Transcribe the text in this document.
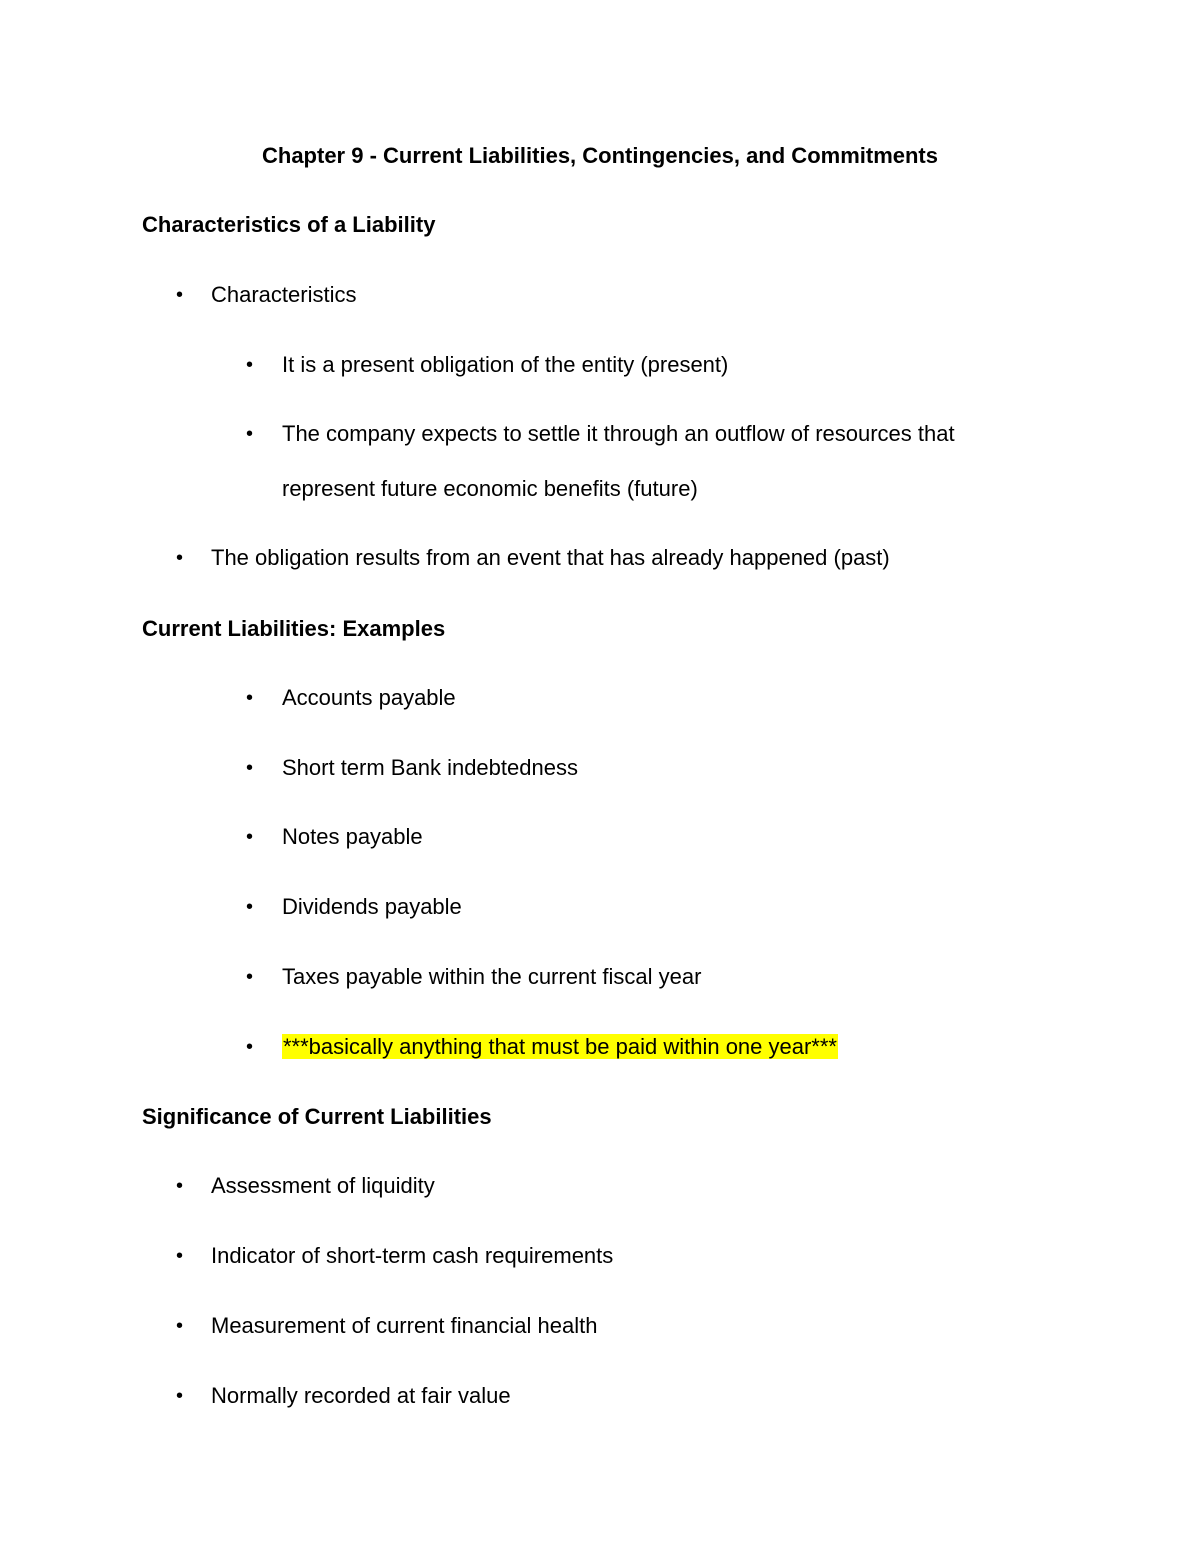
Chapter 9 - Current Liabilities, Contingencies, and Commitments
Characteristics of a Liability
• Characteristics
• It is a present obligation of the entity (present)
• The company expects to settle it through an outflow of resources that
represent future economic benefits (future)
• The obligation results from an event that has already happened (past)
Current Liabilities: Examples
• Accounts payable
• Short term Bank indebtedness
• Notes payable
• Dividends payable
• Taxes payable within the current fiscal year
• ***basically anything that must be paid within one year***
Significance of Current Liabilities
• Assessment of liquidity
• Indicator of short-term cash requirements
• Measurement of current financial health
• Normally recorded at fair value
